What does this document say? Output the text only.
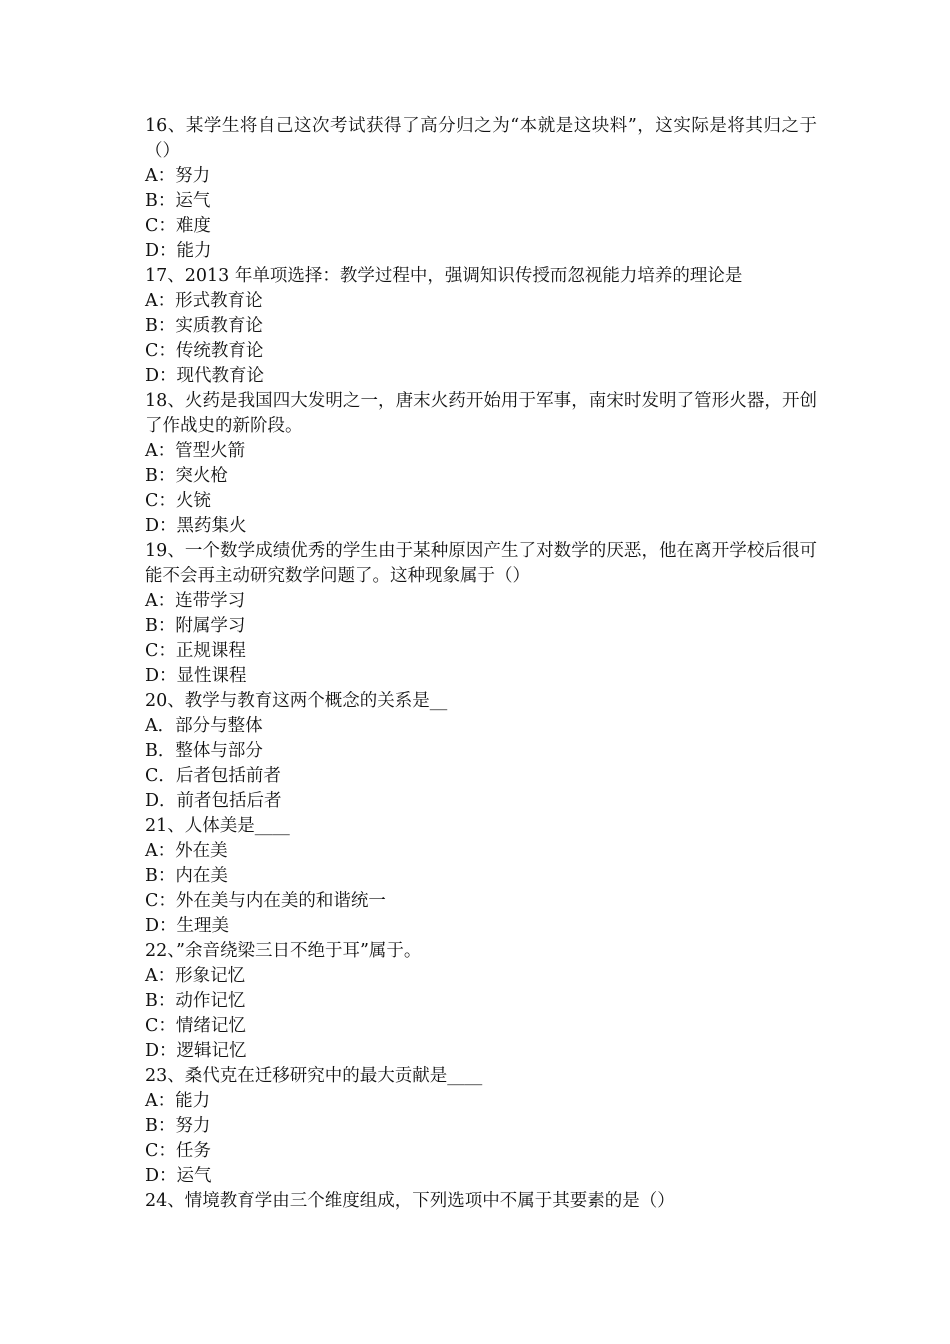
16、某学生将自己这次考试获得了高分归之为“本就是这块料”，这实际是将其归之于（）

A：努力

B：运气

C：难度

D：能力

17、2013 年单项选择：教学过程中，强调知识传授而忽视能力培养的理论是

A：形式教育论

B：实质教育论

C：传统教育论

D：现代教育论

18、火药是我国四大发明之一，唐末火药开始用于军事，南宋时发明了管形火器，开创了作战史的新阶段。

A：管型火箭

B：突火枪

C：火铳

D：黑药集火

19、一个数学成绩优秀的学生由于某种原因产生了对数学的厌恶，他在离开学校后很可能不会再主动研究数学问题了。这种现象属于（）

A：连带学习

B：附属学习

C：正规课程

D：显性课程

20、教学与教育这两个概念的关系是__

A．部分与整体

B．整体与部分

C．后者包括前者

D．前者包括后者

21、人体美是____

A：外在美

B：内在美

C：外在美与内在美的和谐统一

D：生理美

22、”余音绕梁三日不绝于耳”属于。

A：形象记忆

B：动作记忆

C：情绪记忆

D：逻辑记忆

23、桑代克在迁移研究中的最大贡献是____

A：能力

B：努力

C：任务

D：运气

24、情境教育学由三个维度组成，下列选项中不属于其要素的是（）
